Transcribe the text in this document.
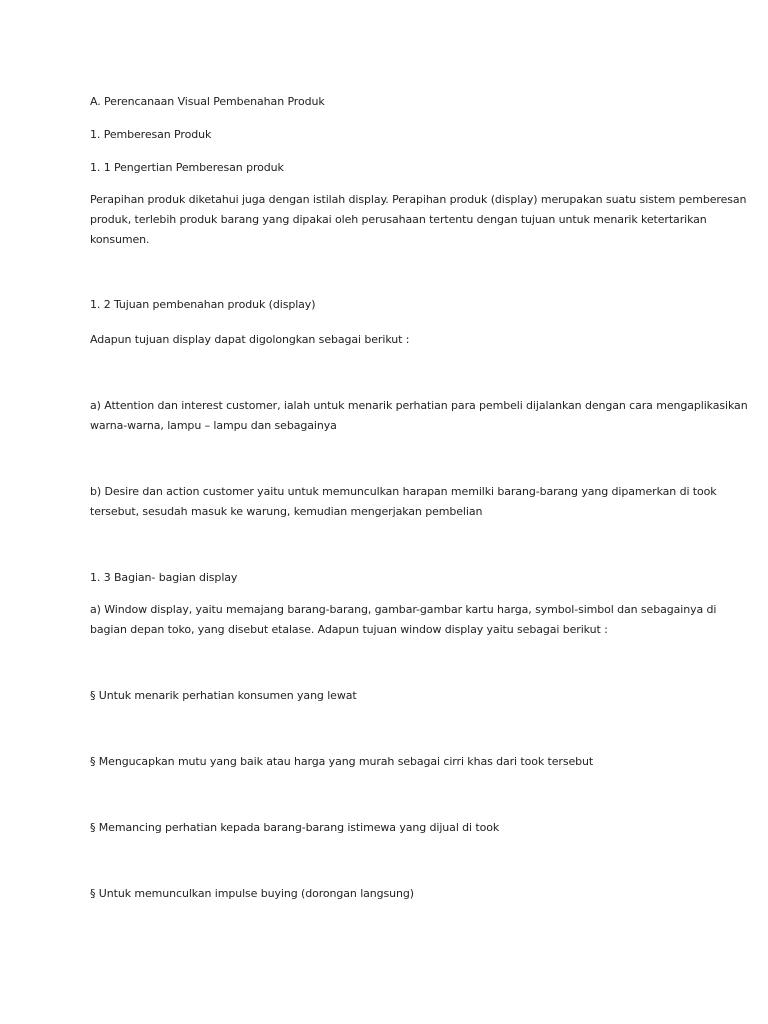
A. Perencanaan Visual Pembenahan Produk

1. Pemberesan Produk

1. 1 Pengertian Pemberesan produk

Perapihan produk diketahui juga dengan istilah display. Perapihan produk (display) merupakan suatu sistem pemberesan

produk, terlebih produk barang yang dipakai oleh perusahaan tertentu dengan tujuan untuk menarik ketertarikan

konsumen.

1. 2 Tujuan pembenahan produk (display)

Adapun tujuan display dapat digolongkan sebagai berikut :

a) Attention dan interest customer, ialah untuk menarik perhatian para pembeli dijalankan dengan cara mengaplikasikan

warna-warna, lampu – lampu dan sebagainya

b) Desire dan action customer yaitu untuk memunculkan harapan memilki barang-barang yang dipamerkan di took

tersebut, sesudah masuk ke warung, kemudian mengerjakan pembelian

1. 3 Bagian- bagian display

a) Window display, yaitu memajang barang-barang, gambar-gambar kartu harga, symbol-simbol dan sebagainya di

bagian depan toko, yang disebut etalase. Adapun tujuan window display yaitu sebagai berikut :

§ Untuk menarik perhatian konsumen yang lewat

§ Mengucapkan mutu yang baik atau harga yang murah sebagai cirri khas dari took tersebut

§ Memancing perhatian kepada barang-barang istimewa yang dijual di took

§ Untuk memunculkan impulse buying (dorongan langsung)
